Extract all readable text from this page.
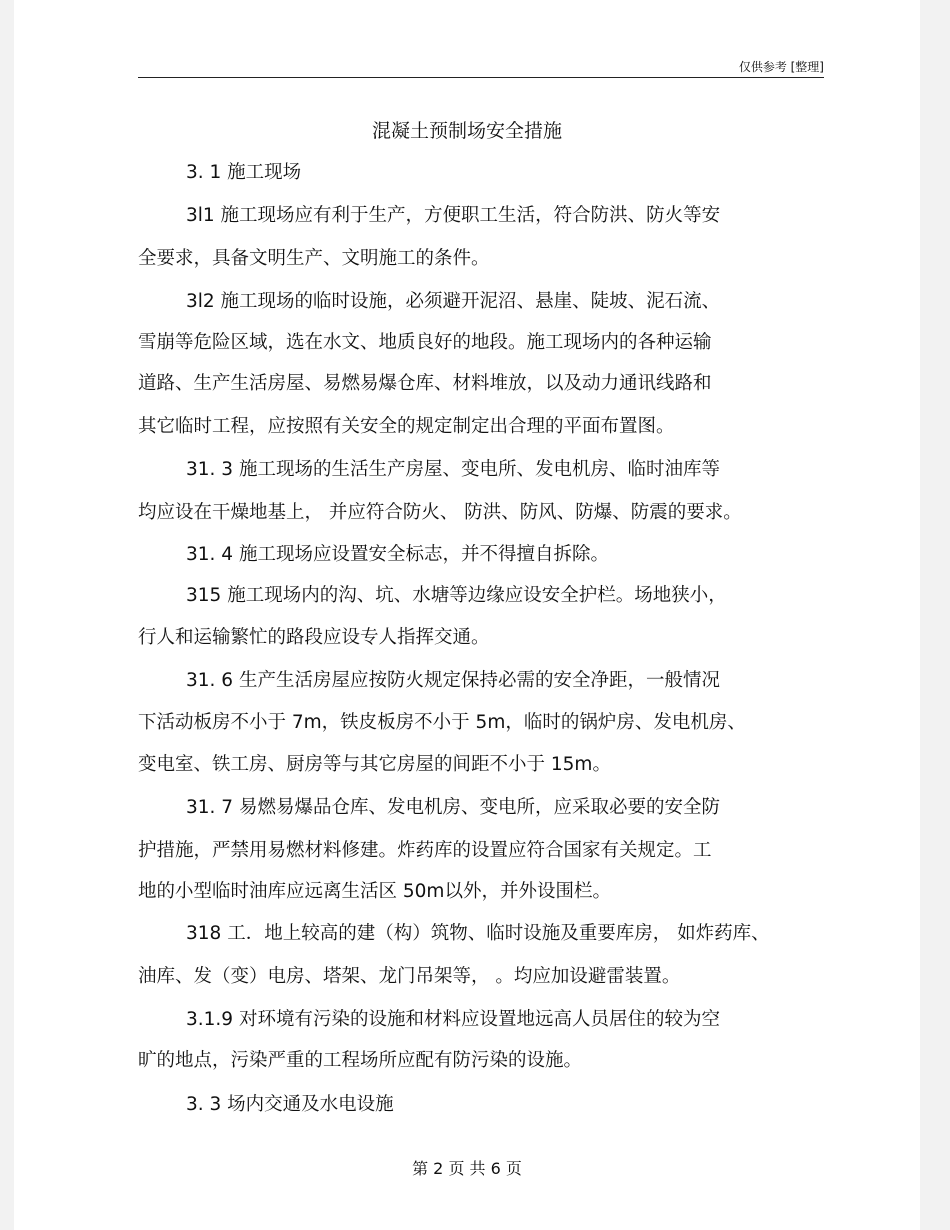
仅供参考 [整理]
混凝土预制场安全措施
3. 1 施工现场
3l1 施工现场应有利于生产，方便职工生活，符合防洪、防火等安
全要求，具备文明生产、文明施工的条件。
3l2 施工现场的临时设施，必须避开泥沼、悬崖、陡坡、泥石流、
雪崩等危险区域，选在水文、地质良好的地段。施工现场内的各种运输
道路、生产生活房屋、易燃易爆仓库、材料堆放，以及动力通讯线路和
其它临时工程，应按照有关安全的规定制定出合理的平面布置图。
31. 3 施工现场的生活生产房屋、变电所、发电机房、临时油库等
均应设在干燥地基上， 并应符合防火、 防洪、防风、防爆、防震的要求。
31. 4 施工现场应设置安全标志，并不得擅自拆除。
315 施工现场内的沟、坑、水塘等边缘应设安全护栏。场地狭小，
行人和运输繁忙的路段应设专人指挥交通。
31. 6 生产生活房屋应按防火规定保持必需的安全净距，一般情况
下活动板房不小于 7m，铁皮板房不小于 5m，临时的锅炉房、发电机房、
变电室、铁工房、厨房等与其它房屋的间距不小于 15m。
31. 7 易燃易爆品仓库、发电机房、变电所，应采取必要的安全防
护措施，严禁用易燃材料修建。炸药库的设置应符合国家有关规定。工
地的小型临时油库应远离生活区 50m以外，并外设围栏。
318 工．地上较高的建（构）筑物、临时设施及重要库房， 如炸药库、
油库、发（变）电房、塔架、龙门吊架等， 。均应加设避雷装置。
3.1.9 对环境有污染的设施和材料应设置地远高人员居住的较为空
旷的地点，污染严重的工程场所应配有防污染的设施。
3. 3 场内交通及水电设施
第 2 页 共 6 页
